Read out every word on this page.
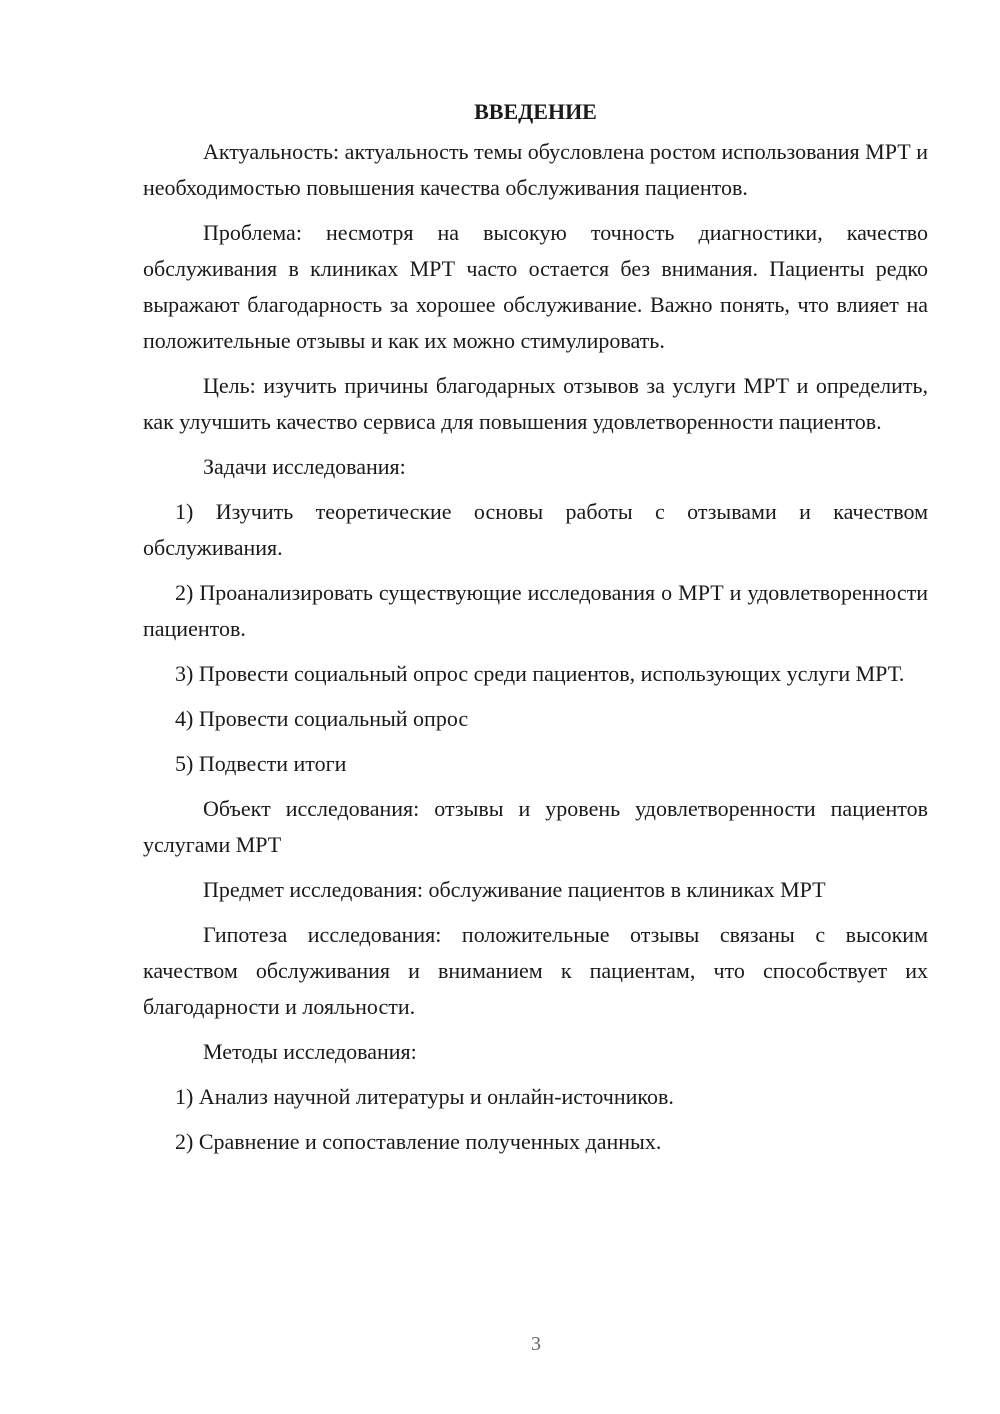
ВВЕДЕНИЕ

Актуальность: актуальность темы обусловлена ростом использования МРТ и необходимостью повышения качества обслуживания пациентов.

Проблема: несмотря на высокую точность диагностики, качество обслуживания в клиниках МРТ часто остается без внимания. Пациенты редко выражают благодарность за хорошее обслуживание. Важно понять, что влияет на положительные отзывы и как их можно стимулировать.

Цель: изучить причины благодарных отзывов за услуги МРТ и определить, как улучшить качество сервиса для повышения удовлетворенности пациентов.

Задачи исследования:

1) Изучить теоретические основы работы с отзывами и качеством обслуживания.

2) Проанализировать существующие исследования о МРТ и удовлетворенности пациентов.

3) Провести социальный опрос среди пациентов, использующих услуги МРТ.

4) Провести социальный опрос

5) Подвести итоги

Объект исследования: отзывы и уровень удовлетворенности пациентов услугами МРТ

Предмет исследования: обслуживание пациентов в клиниках МРТ

Гипотеза исследования: положительные отзывы связаны с высоким качеством обслуживания и вниманием к пациентам, что способствует их благодарности и лояльности.

Методы исследования:

1) Анализ научной литературы и онлайн-источников.

2) Сравнение и сопоставление полученных данных.

3
